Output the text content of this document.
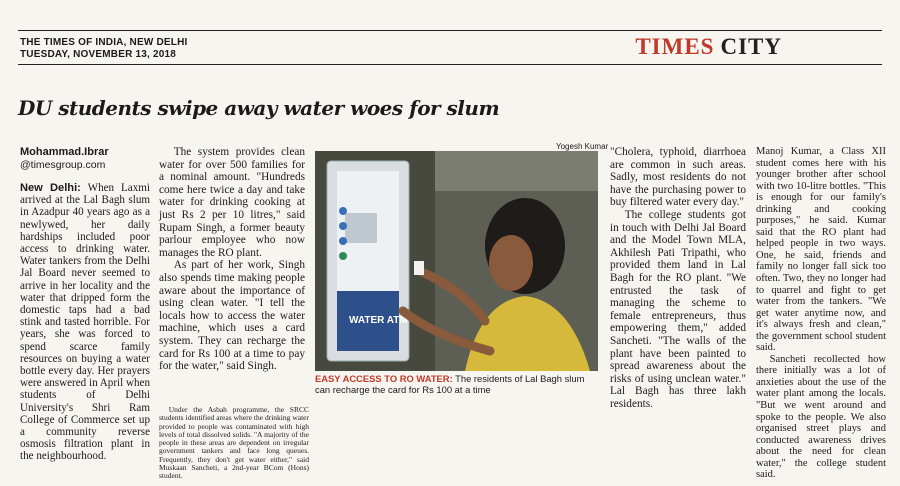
THE TIMES OF INDIA, NEW DELHI
TUESDAY, NOVEMBER 13, 2018	TIMES CITY
DU students swipe away water woes for slum
Mohammad.Ibrar
@timesgroup.com

New Delhi: When Laxmi arrived at the Lal Bagh slum in Azadpur 40 years ago as a newlywed, her daily hardships included poor access to drinking water. Water tankers from the Delhi Jal Board never seemed to arrive in her locality and the water that dripped form the domestic taps had a bad stink and tasted horrible. For years, she was forced to spend scarce family resources on buying a water bottle every day. Her prayers were answered in April when students of Delhi University's Shri Ram College of Commerce set up a community reverse osmosis filtration plant in the neighbourhood.

The system provides clean water for over 500 families for a nominal amount. "Hundreds come here twice a day and take water for drinking cooking at just Rs 2 per 10 litres," said Rupam Singh, a former beauty parlour employee who now manages the RO plant.

As part of her work, Singh also spends time making people aware about the importance of using clean water. "I tell the locals how to access the water machine, which uses a card system. They can recharge the card for Rs 100 at a time to pay for the water," said Singh.

Under the Asbah programme, the SRCC students identified areas where the drinking water provided to people was contaminated with high levels of total dissolved solids. "A majority of the people in these areas are dependent on irregular government tankers and face long queues. Frequently, they don't get water either," said Muskaan Sancheti, a 2nd-year BCom (Hons) student.

Yogesh Kumar
WATER ATM
EASY ACCESS TO RO WATER: The residents of Lal Bagh slum can recharge the card for Rs 100 at a time

"Cholera, typhoid, diarrhoea are common in such areas. Sadly, most residents do not have the purchasing power to buy filtered water every day."

The college students got in touch with Delhi Jal Board and the Model Town MLA, Akhilesh Pati Tripathi, who provided them land in Lal Bagh for the RO plant. "We entrusted the task of managing the scheme to female entrepreneurs, thus empowering them," added Sancheti. "The walls of the plant have been painted to spread awareness about the risks of using unclean water." Lal Bagh has three lakh residents.

Manoj Kumar, a Class XII student comes here with his younger brother after school with two 10-litre bottles. "This is enough for our family's drinking and cooking purposes," he said. Kumar said that the RO plant had helped people in two ways. One, he said, friends and family no longer fall sick too often. Two, they no longer had to quarrel and fight to get water from the tankers. "We get water anytime now, and it's always fresh and clean," the government school student said.

Sancheti recollected how there initially was a lot of anxieties about the use of the water plant among the locals. "But we went around and spoke to the people. We also organised street plays and conducted awareness drives about the need for clean water," the college student said.
